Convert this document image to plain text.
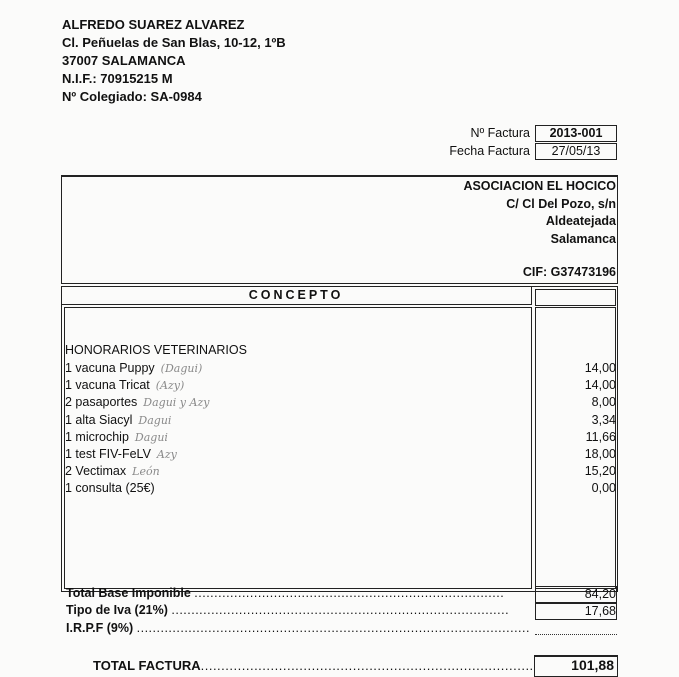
ALFREDO SUAREZ ALVAREZ
Cl. Peñuelas de San Blas, 10-12, 1ºB
37007 SALAMANCA
N.I.F.: 70915215 M
Nº Colegiado: SA-0984
Nº Factura	2013-001
Fecha Factura	27/05/13
ASOCIACION EL HOCICO
C/ Cl Del Pozo, s/n
Aldeatejada
Salamanca
CIF: G37473196
CONCEPTO
HONORARIOS VETERINARIOS
1 vacuna Puppy (Dagui)	14,00
1 vacuna Tricat (Azy)	14,00
2 pasaportes Dagui y Azy	8,00
1 alta Siacyl Dagui	3,34
1 microchip Dagui	11,66
1 test FIV-FeLV Azy	18,00
2 Vectimax León	15,20
1 consulta (25€)	0,00
Total Base Imponible ..............................................................................	84,20
Tipo de Iva (21%) .....................................................................................	17,68
I.R.P.F (9%) ...................................................................................................
TOTAL FACTURA.................................................................................	101,88
